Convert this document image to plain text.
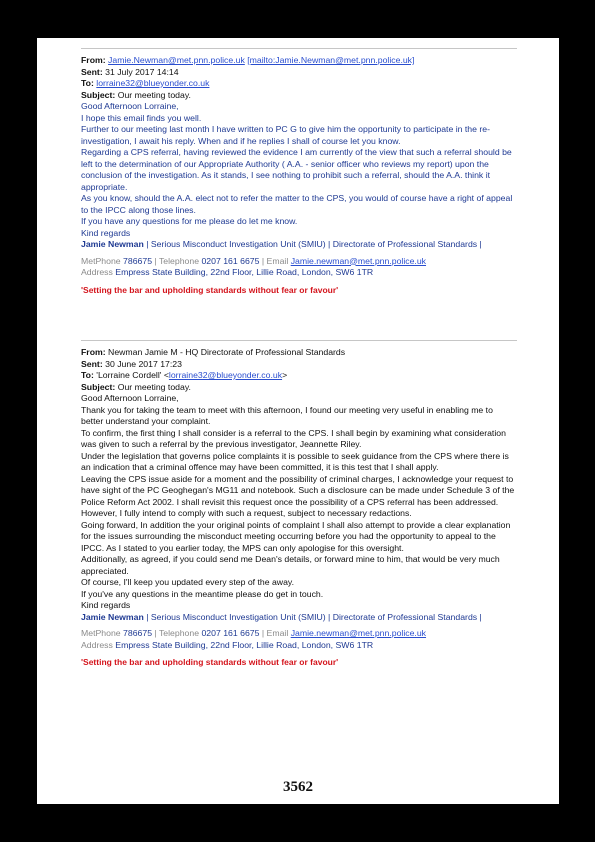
From: Jamie.Newman@met.pnn.police.uk [mailto:Jamie.Newman@met.pnn.police.uk]
Sent: 31 July 2017 14:14
To: lorraine32@blueyonder.co.uk
Subject: Our meeting today.
Good Afternoon Lorraine,
I hope this email finds you well.
Further to our meeting last month I have written to PC G to give him the opportunity to participate in the re-investigation, I await his reply. When and if he replies I shall of course let you know.
Regarding a CPS referral, having reviewed the evidence I am currently of the view that such a referral should be left to the determination of our Appropriate Authority ( A.A. - senior officer who reviews my report) upon the conclusion of the investigation. As it stands, I see nothing to prohibit such a referral, should the A.A. think it appropriate.
As you know, should the A.A. elect not to refer the matter to the CPS, you would of course have a right of appeal to the IPCC along those lines.
If you have any questions for me please do let me know.
Kind regards
Jamie Newman | Serious Misconduct Investigation Unit (SMIU) | Directorate of Professional Standards |
MetPhone 786675 | Telephone 0207 161 6675 | Email Jamie.newman@met.pnn.police.uk
Address Empress State Building, 22nd Floor, Lillie Road, London, SW6 1TR
'Setting the bar and upholding standards without fear or favour'
From: Newman Jamie M - HQ Directorate of Professional Standards
Sent: 30 June 2017 17:23
To: 'Lorraine Cordell' <lorraine32@blueyonder.co.uk>
Subject: Our meeting today.
Good Afternoon Lorraine,
Thank you for taking the team to meet with this afternoon, I found our meeting very useful in enabling me to better understand your complaint.
To confirm, the first thing I shall consider is a referral to the CPS. I shall begin by examining what consideration was given to such a referral by the previous investigator, Jeannette Riley.
Under the legislation that governs police complaints it is possible to seek guidance from the CPS where there is an indication that a criminal offence may have been committed, it is this test that I shall apply.
Leaving the CPS issue aside for a moment and the possibility of criminal charges, I acknowledge your request to have sight of the PC Geoghegan's MG11 and notebook. Such a disclosure can be made under Schedule 3 of the Police Reform Act 2002. I shall revisit this request once the possibility of a CPS referral has been addressed. However, I fully intend to comply with such a request, subject to necessary redactions.
Going forward, In addition the your original points of complaint I shall also attempt to provide a clear explanation for the issues surrounding the misconduct meeting occurring before you had the opportunity to appeal to the IPCC. As I stated to you earlier today, the MPS can only apologise for this oversight.
Additionally, as agreed, if you could send me Dean's details, or forward mine to him, that would be very much appreciated.
Of course, I'll keep you updated every step of the away.
If you've any questions in the meantime please do get in touch.
Kind regards
Jamie Newman | Serious Misconduct Investigation Unit (SMIU) | Directorate of Professional Standards |
MetPhone 786675 | Telephone 0207 161 6675 | Email Jamie.newman@met.pnn.police.uk
Address Empress State Building, 22nd Floor, Lillie Road, London, SW6 1TR
'Setting the bar and upholding standards without fear or favour'
3562
